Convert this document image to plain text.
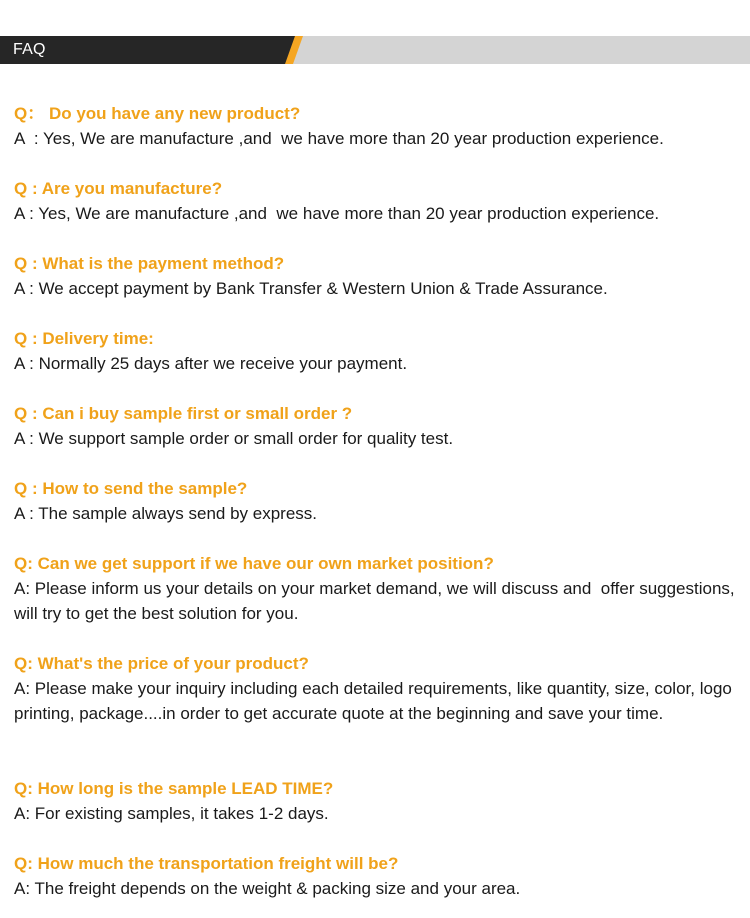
FAQ
Q： Do you have any new product?
A  : Yes, We are manufacture ,and  we have more than 20 year production experience.
Q : Are you manufacture?
A : Yes, We are manufacture ,and  we have more than 20 year production experience.
Q : What is the payment method?
A : We accept payment by Bank Transfer & Western Union & Trade Assurance.
Q : Delivery time:
A : Normally 25 days after we receive your payment.
Q : Can i buy sample first or small order ?
A : We support sample order or small order for quality test.
Q : How to send the sample?
A : The sample always send by express.
Q: Can we get support if we have our own market position?
A: Please inform us your details on your market demand, we will discuss and  offer suggestions, will try to get the best solution for you.
Q: What's the price of your product?
A: Please make your inquiry including each detailed requirements, like quantity, size, color, logo printing, package....in order to get accurate quote at the beginning and save your time.
Q: How long is the sample LEAD TIME?
A: For existing samples, it takes 1-2 days.
Q: How much the transportation freight will be?
A: The freight depends on the weight & packing size and your area.
